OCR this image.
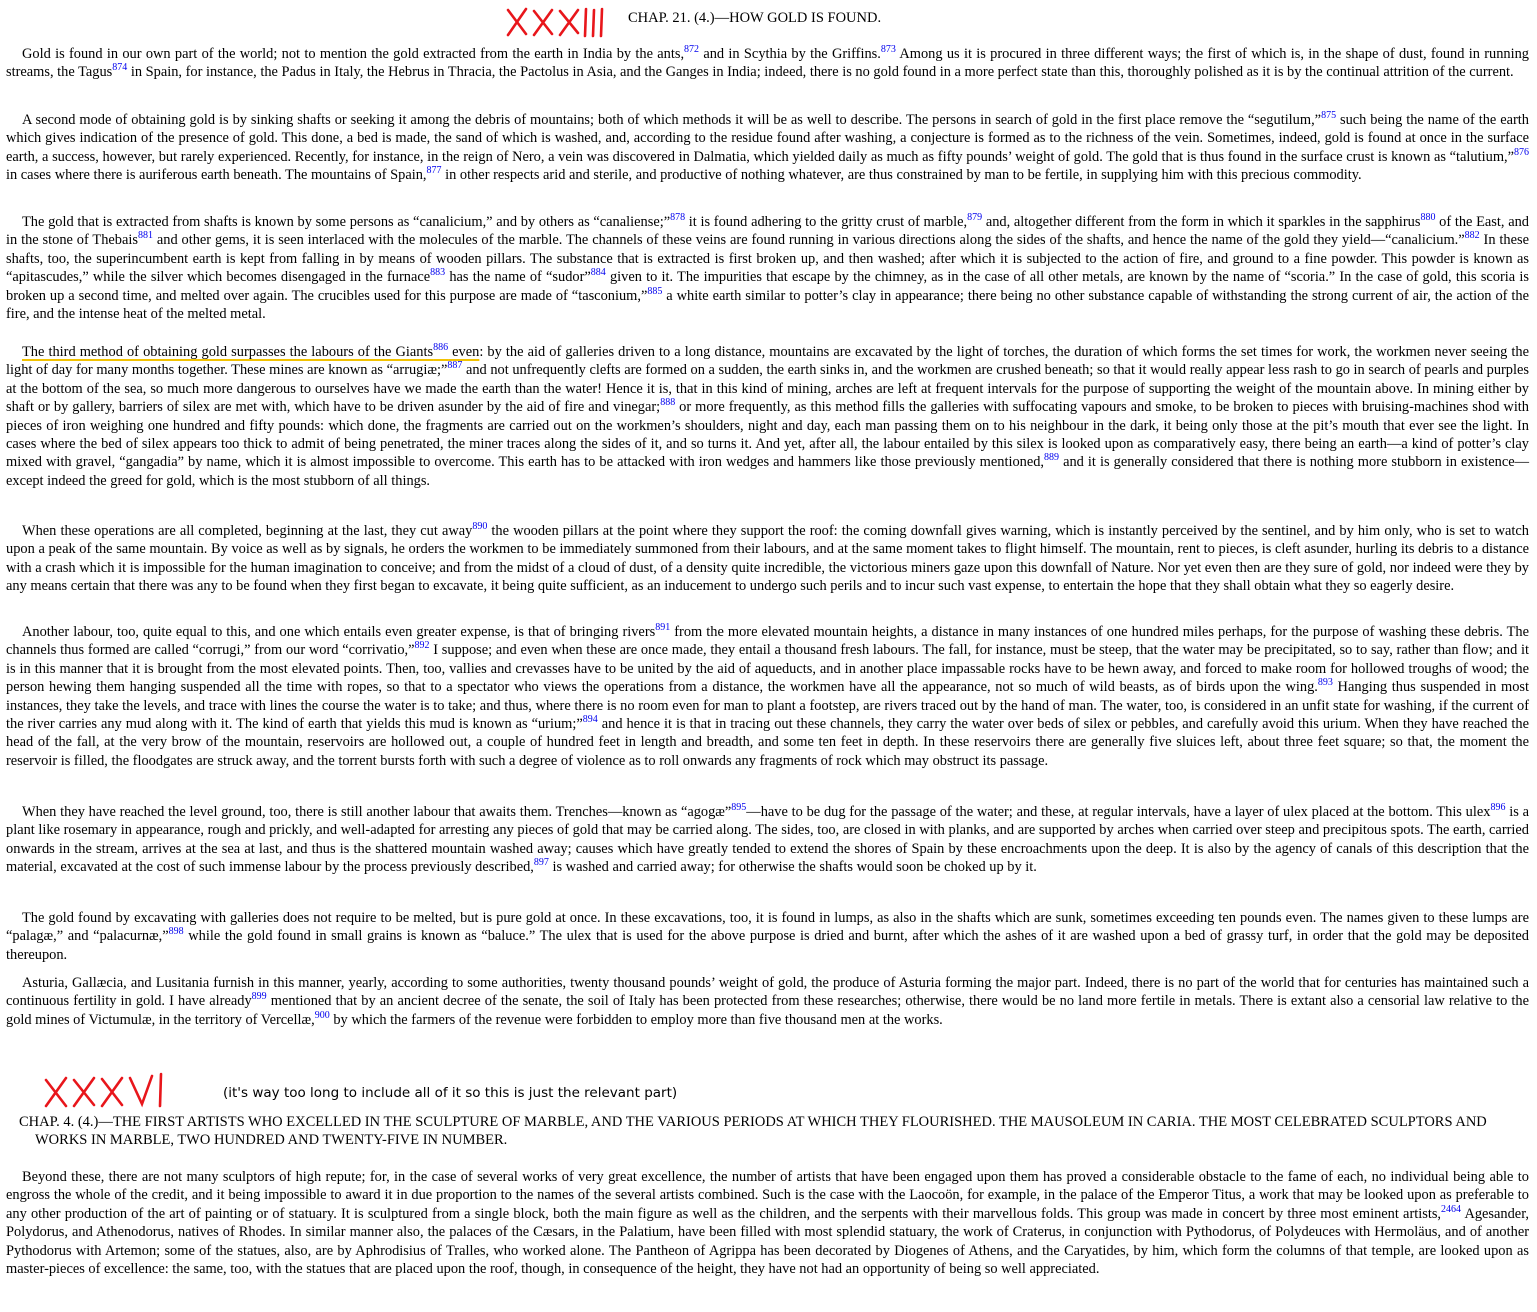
CHAP. 21. (4.)—HOW GOLD IS FOUND.

Gold is found in our own part of the world; not to mention the gold extracted from the earth in India by the ants,$^{872}$ and in Scythia by the Griffins.$^{873}$ Among us it is procured in three different ways; the first of which is, in the shape of dust, found in running streams, the Tagus$^{874}$ in Spain, for instance, the Padus in Italy, the Hebrus in Thracia, the Pactolus in Asia, and the Ganges in India; indeed, there is no gold found in a more perfect state than this, thoroughly polished as it is by the continual attrition of the current.

A second mode of obtaining gold is by sinking shafts or seeking it among the debris of mountains; both of which methods it will be as well to describe. The persons in search of gold in the first place remove the “segutilum,”$^{875}$ such being the name of the earth which gives indication of the presence of gold. This done, a bed is made, the sand of which is washed, and, according to the residue found after washing, a conjecture is formed as to the richness of the vein. Sometimes, indeed, gold is found at once in the surface earth, a success, however, but rarely experienced. Recently, for instance, in the reign of Nero, a vein was discovered in Dalmatia, which yielded daily as much as fifty pounds’ weight of gold. The gold that is thus found in the surface crust is known as “talutium,”$^{876}$ in cases where there is auriferous earth beneath. The mountains of Spain,$^{877}$ in other respects arid and sterile, and productive of nothing whatever, are thus constrained by man to be fertile, in supplying him with this precious commodity.

The gold that is extracted from shafts is known by some persons as “canalicium,” and by others as “canaliense;”$^{878}$ it is found adhering to the gritty crust of marble,$^{879}$ and, altogether different from the form in which it sparkles in the sapphirus$^{880}$ of the East, and in the stone of Thebais$^{881}$ and other gems, it is seen interlaced with the molecules of the marble. The channels of these veins are found running in various directions along the sides of the shafts, and hence the name of the gold they yield—“canalicium.”$^{882}$ In these shafts, too, the superincumbent earth is kept from falling in by means of wooden pillars. The substance that is extracted is first broken up, and then washed; after which it is subjected to the action of fire, and ground to a fine powder. This powder is known as “apitascudes,” while the silver which becomes disengaged in the furnace$^{883}$ has the name of “sudor”$^{884}$ given to it. The impurities that escape by the chimney, as in the case of all other metals, are known by the name of “scoria.” In the case of gold, this scoria is broken up a second time, and melted over again. The crucibles used for this purpose are made of “tasconium,”$^{885}$ a white earth similar to potter’s clay in appearance; there being no other substance capable of withstanding the strong current of air, the action of the fire, and the intense heat of the melted metal.

The third method of obtaining gold surpasses the labours of the Giants$^{886}$ even: by the aid of galleries driven to a long distance, mountains are excavated by the light of torches, the duration of which forms the set times for work, the workmen never seeing the light of day for many months together. These mines are known as “arrugiæ;”$^{887}$ and not unfrequently clefts are formed on a sudden, the earth sinks in, and the workmen are crushed beneath; so that it would really appear less rash to go in search of pearls and purples at the bottom of the sea, so much more dangerous to ourselves have we made the earth than the water! Hence it is, that in this kind of mining, arches are left at frequent intervals for the purpose of supporting the weight of the mountain above. In mining either by shaft or by gallery, barriers of silex are met with, which have to be driven asunder by the aid of fire and vinegar;$^{888}$ or more frequently, as this method fills the galleries with suffocating vapours and smoke, to be broken to pieces with bruising-machines shod with pieces of iron weighing one hundred and fifty pounds: which done, the fragments are carried out on the workmen’s shoulders, night and day, each man passing them on to his neighbour in the dark, it being only those at the pit’s mouth that ever see the light. In cases where the bed of silex appears too thick to admit of being penetrated, the miner traces along the sides of it, and so turns it. And yet, after all, the labour entailed by this silex is looked upon as comparatively easy, there being an earth—a kind of potter’s clay mixed with gravel, “gangadia” by name, which it is almost impossible to overcome. This earth has to be attacked with iron wedges and hammers like those previously mentioned,$^{889}$ and it is generally considered that there is nothing more stubborn in existence—except indeed the greed for gold, which is the most stubborn of all things.

When these operations are all completed, beginning at the last, they cut away$^{890}$ the wooden pillars at the point where they support the roof: the coming downfall gives warning, which is instantly perceived by the sentinel, and by him only, who is set to watch upon a peak of the same mountain. By voice as well as by signals, he orders the workmen to be immediately summoned from their labours, and at the same moment takes to flight himself. The mountain, rent to pieces, is cleft asunder, hurling its debris to a distance with a crash which it is impossible for the human imagination to conceive; and from the midst of a cloud of dust, of a density quite incredible, the victorious miners gaze upon this downfall of Nature. Nor yet even then are they sure of gold, nor indeed were they by any means certain that there was any to be found when they first began to excavate, it being quite sufficient, as an inducement to undergo such perils and to incur such vast expense, to entertain the hope that they shall obtain what they so eagerly desire.

Another labour, too, quite equal to this, and one which entails even greater expense, is that of bringing rivers$^{891}$ from the more elevated mountain heights, a distance in many instances of one hundred miles perhaps, for the purpose of washing these debris. The channels thus formed are called “corrugi,” from our word “corrivatio,”$^{892}$ I suppose; and even when these are once made, they entail a thousand fresh labours. The fall, for instance, must be steep, that the water may be precipitated, so to say, rather than flow; and it is in this manner that it is brought from the most elevated points. Then, too, vallies and crevasses have to be united by the aid of aqueducts, and in another place impassable rocks have to be hewn away, and forced to make room for hollowed troughs of wood; the person hewing them hanging suspended all the time with ropes, so that to a spectator who views the operations from a distance, the workmen have all the appearance, not so much of wild beasts, as of birds upon the wing.$^{893}$ Hanging thus suspended in most instances, they take the levels, and trace with lines the course the water is to take; and thus, where there is no room even for man to plant a footstep, are rivers traced out by the hand of man. The water, too, is considered in an unfit state for washing, if the current of the river carries any mud along with it. The kind of earth that yields this mud is known as “urium;”$^{894}$ and hence it is that in tracing out these channels, they carry the water over beds of silex or pebbles, and carefully avoid this urium. When they have reached the head of the fall, at the very brow of the mountain, reservoirs are hollowed out, a couple of hundred feet in length and breadth, and some ten feet in depth. In these reservoirs there are generally five sluices left, about three feet square; so that, the moment the reservoir is filled, the floodgates are struck away, and the torrent bursts forth with such a degree of violence as to roll onwards any fragments of rock which may obstruct its passage.

When they have reached the level ground, too, there is still another labour that awaits them. Trenches—known as “agogæ”$^{895}$—have to be dug for the passage of the water; and these, at regular intervals, have a layer of ulex placed at the bottom. This ulex$^{896}$ is a plant like rosemary in appearance, rough and prickly, and well-adapted for arresting any pieces of gold that may be carried along. The sides, too, are closed in with planks, and are supported by arches when carried over steep and precipitous spots. The earth, carried onwards in the stream, arrives at the sea at last, and thus is the shattered mountain washed away; causes which have greatly tended to extend the shores of Spain by these encroachments upon the deep. It is also by the agency of canals of this description that the material, excavated at the cost of such immense labour by the process previously described,$^{897}$ is washed and carried away; for otherwise the shafts would soon be choked up by it.

The gold found by excavating with galleries does not require to be melted, but is pure gold at once. In these excavations, too, it is found in lumps, as also in the shafts which are sunk, sometimes exceeding ten pounds even. The names given to these lumps are “palagæ,” and “palacurnæ,”$^{898}$ while the gold found in small grains is known as “baluce.” The ulex that is used for the above purpose is dried and burnt, after which the ashes of it are washed upon a bed of grassy turf, in order that the gold may be deposited thereupon.

Asturia, Gallæcia, and Lusitania furnish in this manner, yearly, according to some authorities, twenty thousand pounds’ weight of gold, the produce of Asturia forming the major part. Indeed, there is no part of the world that for centuries has maintained such a continuous fertility in gold. I have already$^{899}$ mentioned that by an ancient decree of the senate, the soil of Italy has been protected from these researches; otherwise, there would be no land more fertile in metals. There is extant also a censorial law relative to the gold mines of Victumulæ, in the territory of Vercellæ,$^{900}$ by which the farmers of the revenue were forbidden to employ more than five thousand men at the works.

(it's way too long to include all of it so this is just the relevant part)
CHAP. 4. (4.)—THE FIRST ARTISTS WHO EXCELLED IN THE SCULPTURE OF MARBLE, AND THE VARIOUS PERIODS AT WHICH THEY FLOURISHED. THE MAUSOLEUM IN CARIA. THE MOST CELEBRATED SCULPTORS AND WORKS IN MARBLE, TWO HUNDRED AND TWENTY-FIVE IN NUMBER.

Beyond these, there are not many sculptors of high repute; for, in the case of several works of very great excellence, the number of artists that have been engaged upon them has proved a considerable obstacle to the fame of each, no individual being able to engross the whole of the credit, and it being impossible to award it in due proportion to the names of the several artists combined. Such is the case with the Laocoön, for example, in the palace of the Emperor Titus, a work that may be looked upon as preferable to any other production of the art of painting or of statuary. It is sculptured from a single block, both the main figure as well as the children, and the serpents with their marvellous folds. This group was made in concert by three most eminent artists,$^{2464}$ Agesander, Polydorus, and Athenodorus, natives of Rhodes. In similar manner also, the palaces of the Cæsars, in the Palatium, have been filled with most splendid statuary, the work of Craterus, in conjunction with Pythodorus, of Polydeuces with Hermoläus, and of another Pythodorus with Artemon; some of the statues, also, are by Aphrodisius of Tralles, who worked alone. The Pantheon of Agrippa has been decorated by Diogenes of Athens, and the Caryatides, by him, which form the columns of that temple, are looked upon as master-pieces of excellence: the same, too, with the statues that are placed upon the roof, though, in consequence of the height, they have not had an opportunity of being so well appreciated.
